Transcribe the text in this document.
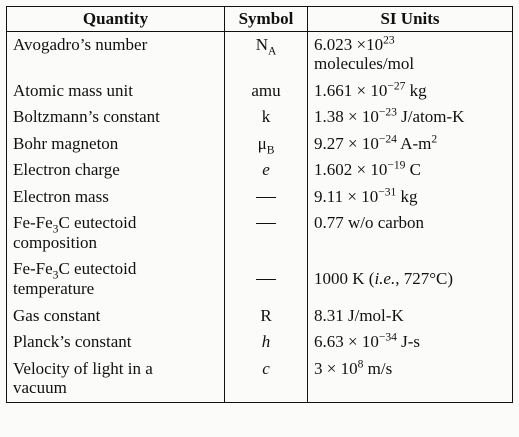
Quantity	Symbol	SI Units
Avogadro’s number	$N_A$	$6.023 \times 10^{23}$
molecules/mol
Atomic mass unit	amu	$1.661 \times 10^{-27}$ kg
Boltzmann’s constant	k	$1.38 \times 10^{-23}$ J/atom-K
Bohr magneton	$\mu_B$	$9.27 \times 10^{-24}$ $A-m^2$
Electron charge	e	$1.602 \times 10^{-19}$ C
Electron mass		$9.11 \times 10^{-31}$ kg
$Fe-Fe_3C$ eutectoid
composition		0.77 w/o carbon
$Fe-Fe_3C$ eutectoid
temperature		1000 K (i.e., 727°C)
Gas constant	R	8.31 J/mol-K
Planck’s constant	h	$6.63 \times 10^{-34}$ J-s
Velocity of light in a
vacuum	c	$3 \times 10^8$ m/s
